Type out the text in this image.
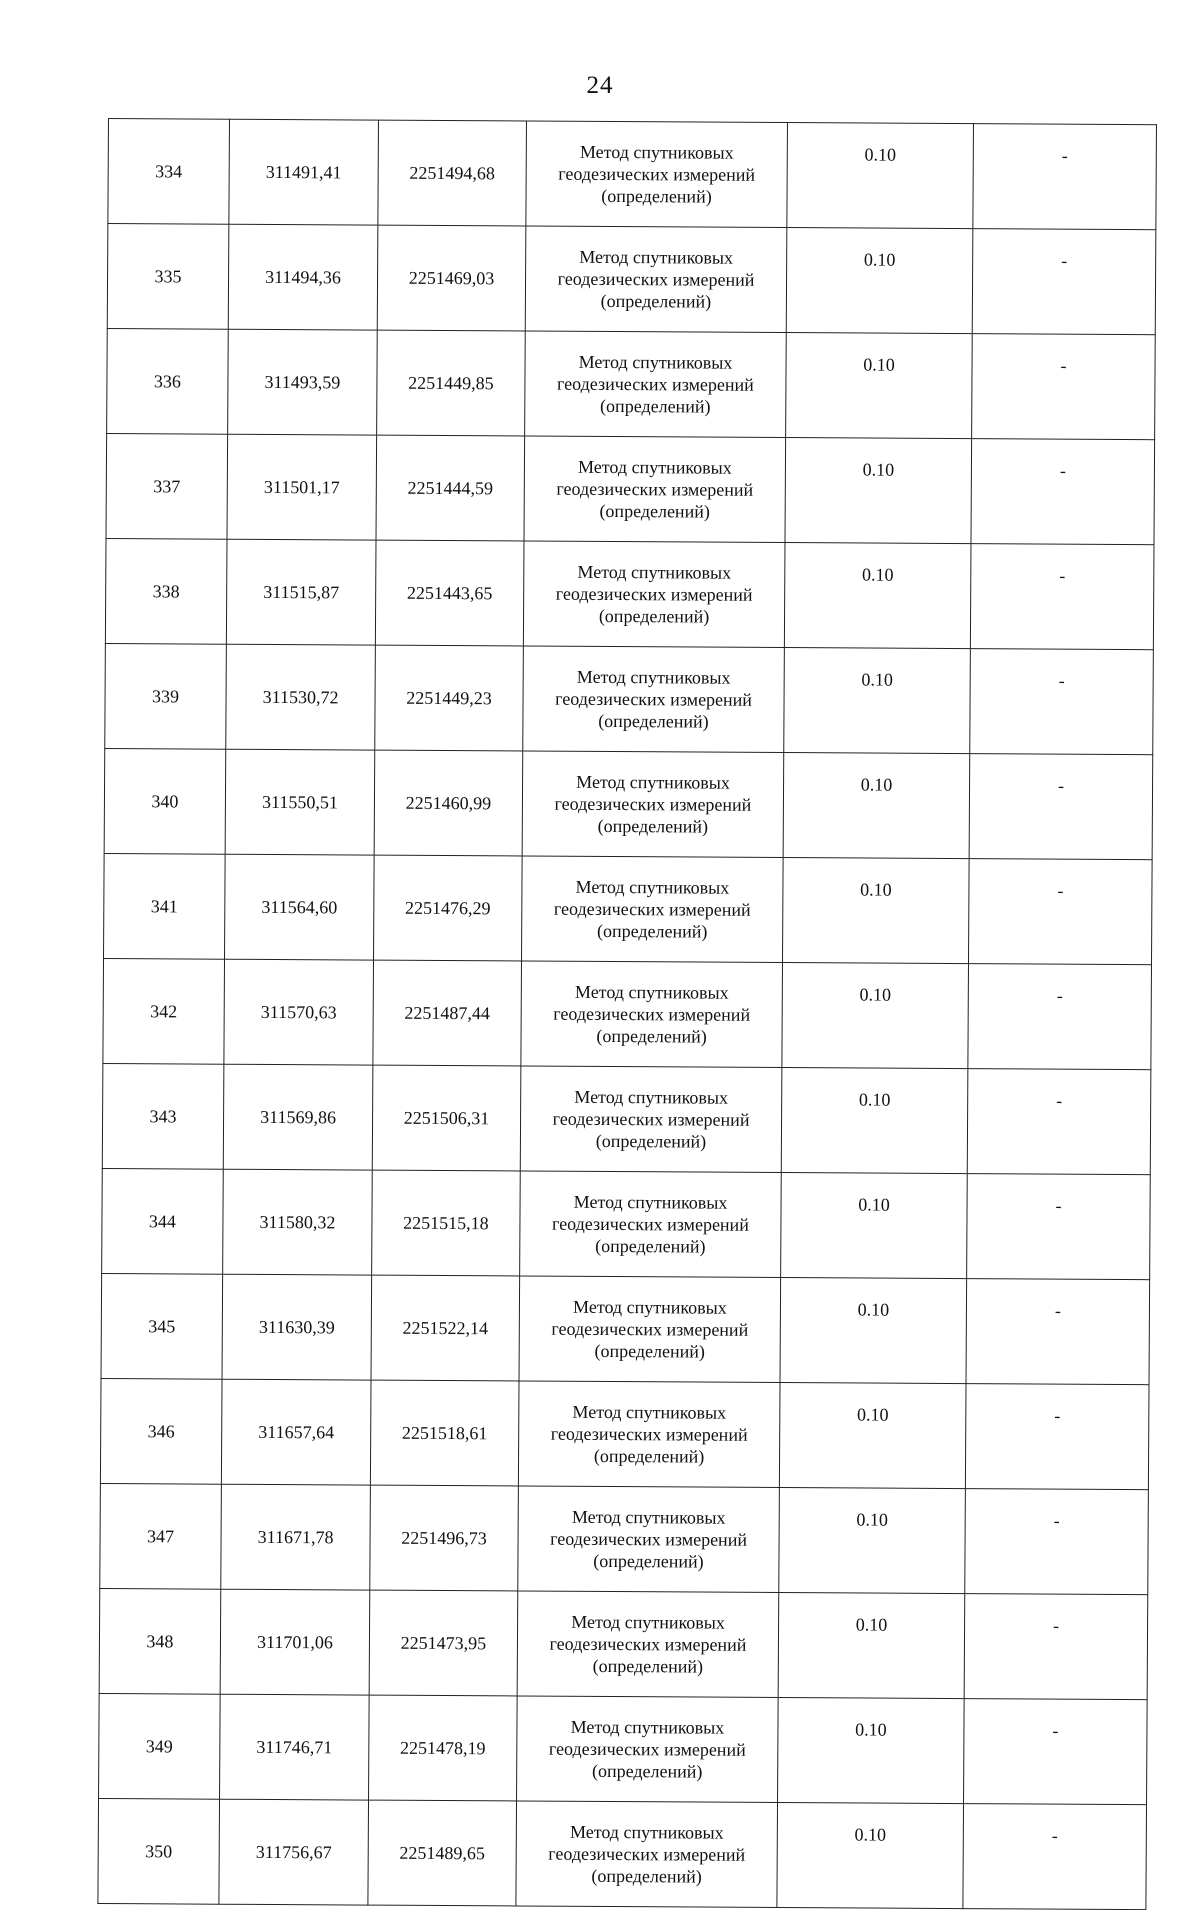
24
334	311491,41	2251494,68	Метод спутниковых
геодезических измерений
(определений)	0.10	-
335	311494,36	2251469,03	Метод спутниковых
геодезических измерений
(определений)	0.10	-
336	311493,59	2251449,85	Метод спутниковых
геодезических измерений
(определений)	0.10	-
337	311501,17	2251444,59	Метод спутниковых
геодезических измерений
(определений)	0.10	-
338	311515,87	2251443,65	Метод спутниковых
геодезических измерений
(определений)	0.10	-
339	311530,72	2251449,23	Метод спутниковых
геодезических измерений
(определений)	0.10	-
340	311550,51	2251460,99	Метод спутниковых
геодезических измерений
(определений)	0.10	-
341	311564,60	2251476,29	Метод спутниковых
геодезических измерений
(определений)	0.10	-
342	311570,63	2251487,44	Метод спутниковых
геодезических измерений
(определений)	0.10	-
343	311569,86	2251506,31	Метод спутниковых
геодезических измерений
(определений)	0.10	-
344	311580,32	2251515,18	Метод спутниковых
геодезических измерений
(определений)	0.10	-
345	311630,39	2251522,14	Метод спутниковых
геодезических измерений
(определений)	0.10	-
346	311657,64	2251518,61	Метод спутниковых
геодезических измерений
(определений)	0.10	-
347	311671,78	2251496,73	Метод спутниковых
геодезических измерений
(определений)	0.10	-
348	311701,06	2251473,95	Метод спутниковых
геодезических измерений
(определений)	0.10	-
349	311746,71	2251478,19	Метод спутниковых
геодезических измерений
(определений)	0.10	-
350	311756,67	2251489,65	Метод спутниковых
геодезических измерений
(определений)	0.10	-
